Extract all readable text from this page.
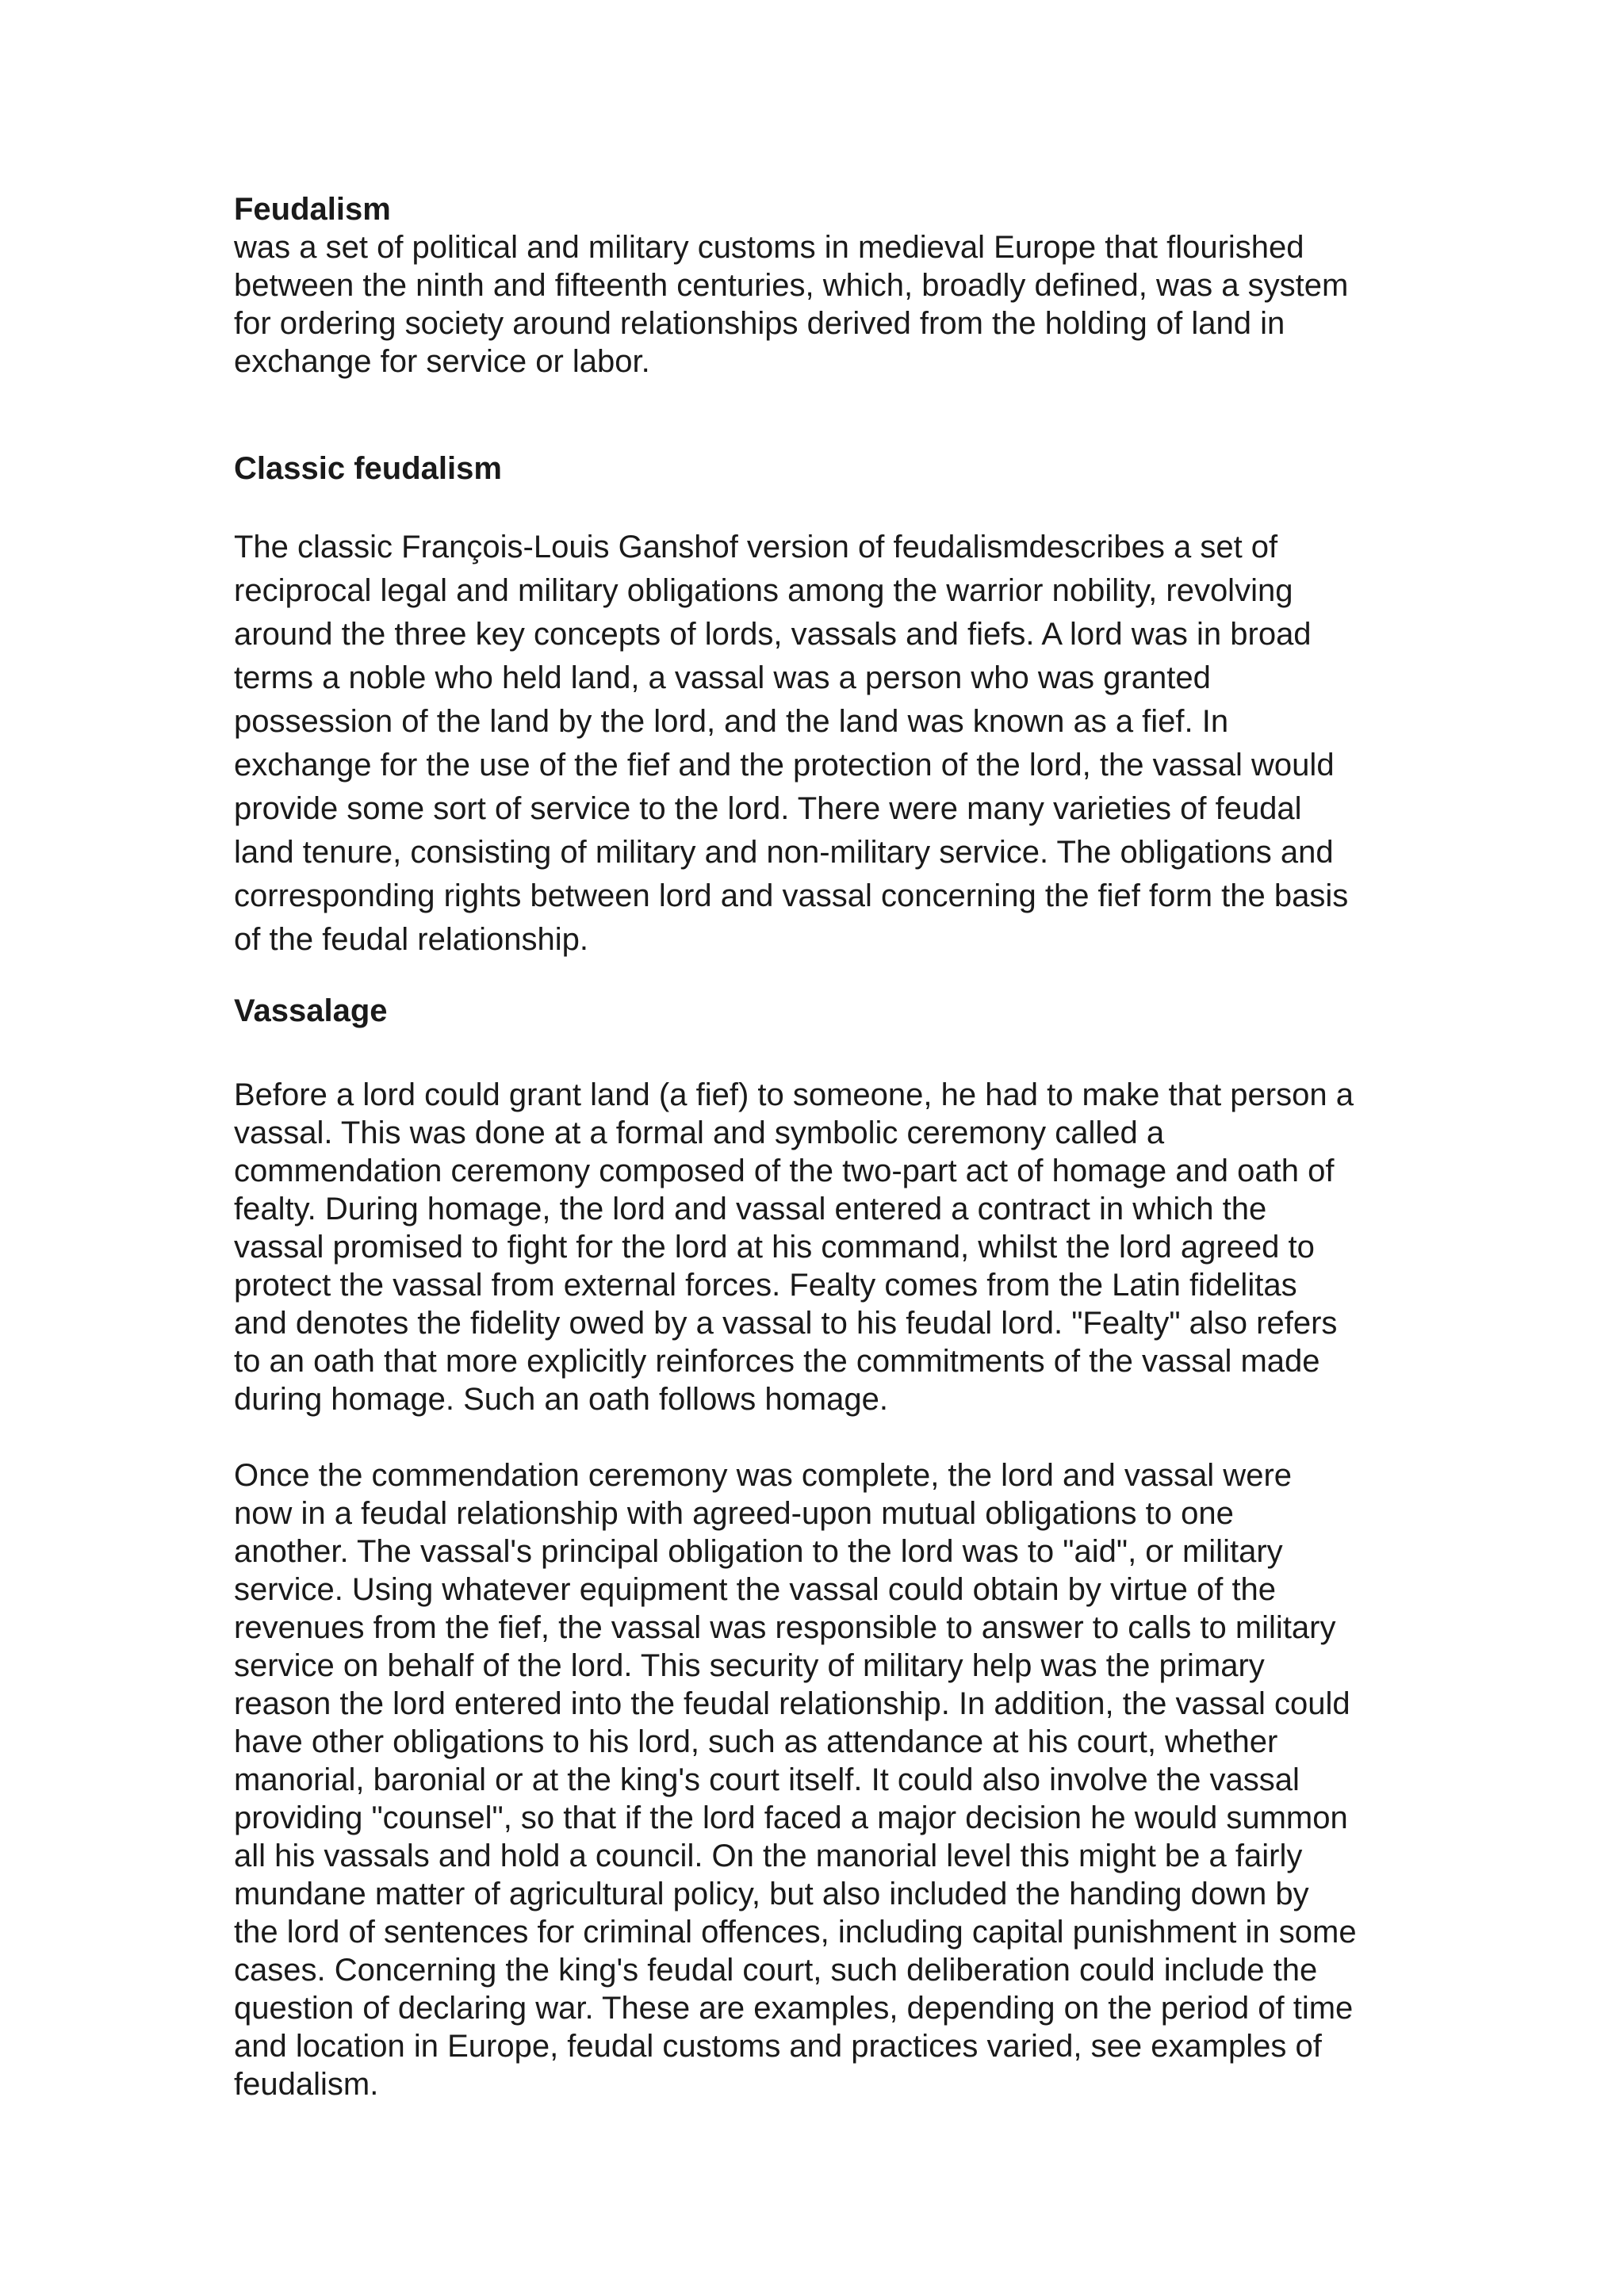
Feudalism
was a set of political and military customs in medieval Europe that flourished
between the ninth and fifteenth centuries, which, broadly defined, was a system
for ordering society around relationships derived from the holding of land in
exchange for service or labor.
Classic feudalism
The classic François-Louis Ganshof version of feudalismdescribes a set of
reciprocal legal and military obligations among the warrior nobility, revolving
around the three key concepts of lords, vassals and fiefs. A lord was in broad
terms a noble who held land, a vassal was a person who was granted
possession of the land by the lord, and the land was known as a fief. In
exchange for the use of the fief and the protection of the lord, the vassal would
provide some sort of service to the lord. There were many varieties of feudal
land tenure, consisting of military and non-military service. The obligations and
corresponding rights between lord and vassal concerning the fief form the basis
of the feudal relationship.
Vassalage
Before a lord could grant land (a fief) to someone, he had to make that person a
vassal. This was done at a formal and symbolic ceremony called a
commendation ceremony composed of the two-part act of homage and oath of
fealty. During homage, the lord and vassal entered a contract in which the
vassal promised to fight for the lord at his command, whilst the lord agreed to
protect the vassal from external forces. Fealty comes from the Latin fidelitas
and denotes the fidelity owed by a vassal to his feudal lord. "Fealty" also refers
to an oath that more explicitly reinforces the commitments of the vassal made
during homage. Such an oath follows homage.
Once the commendation ceremony was complete, the lord and vassal were
now in a feudal relationship with agreed-upon mutual obligations to one
another. The vassal's principal obligation to the lord was to "aid", or military
service. Using whatever equipment the vassal could obtain by virtue of the
revenues from the fief, the vassal was responsible to answer to calls to military
service on behalf of the lord. This security of military help was the primary
reason the lord entered into the feudal relationship. In addition, the vassal could
have other obligations to his lord, such as attendance at his court, whether
manorial, baronial or at the king's court itself. It could also involve the vassal
providing "counsel", so that if the lord faced a major decision he would summon
all his vassals and hold a council. On the manorial level this might be a fairly
mundane matter of agricultural policy, but also included the handing down by
the lord of sentences for criminal offences, including capital punishment in some
cases. Concerning the king's feudal court, such deliberation could include the
question of declaring war. These are examples, depending on the period of time
and location in Europe, feudal customs and practices varied, see examples of
feudalism.
